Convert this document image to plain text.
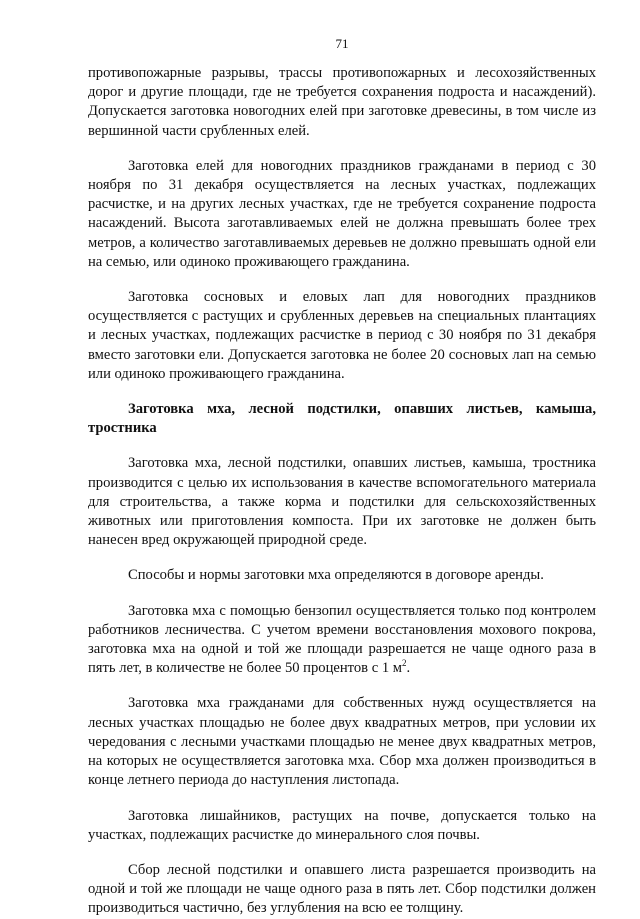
71

противопожарные разрывы, трассы противопожарных и лесохозяйственных дорог и другие площади, где не требуется сохранения подроста и насаждений). Допускается заготовка новогодних елей при заготовке древесины, в том числе из вершинной части срубленных елей.

Заготовка елей для новогодних праздников гражданами в период с 30 ноября по 31 декабря осуществляется на лесных участках, подлежащих расчистке, и на других лесных участках, где не требуется сохранение подроста насаждений. Высота заготавливаемых елей не должна превышать более трех метров, а количество заготавливаемых деревьев не должно превышать одной ели на семью, или одиноко проживающего гражданина.

Заготовка сосновых и еловых лап для новогодних праздников осуществляется с растущих и срубленных деревьев на специальных плантациях и лесных участках, подлежащих расчистке в период с 30 ноября по 31 декабря вместо заготовки ели. Допускается заготовка не более 20 сосновых лап на семью или одиноко проживающего гражданина.

Заготовка мха, лесной подстилки, опавших листьев, камыша, тростника

Заготовка мха, лесной подстилки, опавших листьев, камыша, тростника производится с целью их использования в качестве вспомогательного материала для строительства, а также корма и подстилки для сельскохозяйственных животных или приготовления компоста. При их заготовке не должен быть нанесен вред окружающей природной среде.

Способы и нормы заготовки мха определяются в договоре аренды.

Заготовка мха с помощью бензопил осуществляется только под контролем работников лесничества. С учетом времени восстановления мохового покрова, заготовка мха на одной и той же площади разрешается не чаще одного раза в пять лет, в количестве не более 50 процентов с 1 $м^2$.

Заготовка мха гражданами для собственных нужд осуществляется на лесных участках площадью не более двух квадратных метров, при условии их чередования с лесными участками площадью не менее двух квадратных метров, на которых не осуществляется заготовка мха. Сбор мха должен производиться в конце летнего периода до наступления листопада.

Заготовка лишайников, растущих на почве, допускается только на участках, подлежащих расчистке до минерального слоя почвы.

Сбор лесной подстилки и опавшего листа разрешается производить на одной и той же площади не чаще одного раза в пять лет. Сбор подстилки должен производиться частично, без углубления на всю ее толщину.
